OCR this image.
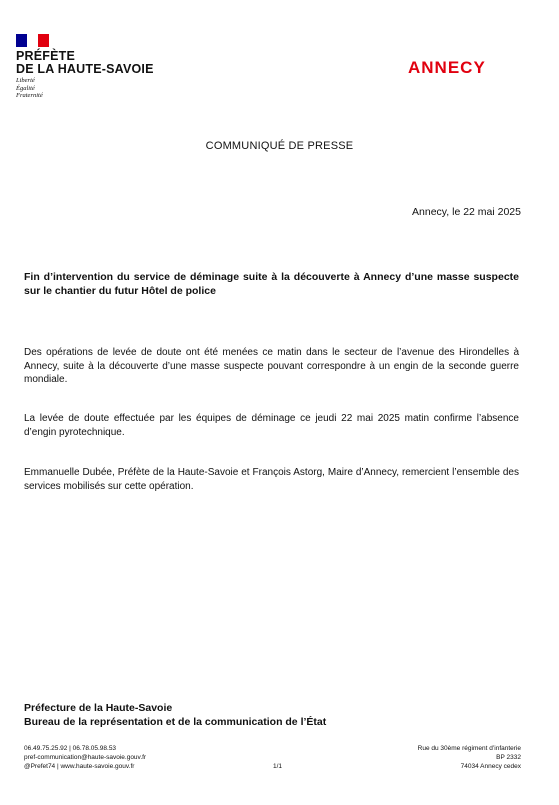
PRÉFÈTE
DE LA HAUTE-SAVOIE
Liberté
Égalité
Fraternité
ANNECY
COMMUNIQUÉ DE PRESSE
Annecy, le 22 mai 2025
Fin d’intervention du service de déminage suite à la découverte à Annecy d’une masse suspecte sur le chantier du futur Hôtel de police
Des opérations de levée de doute ont été menées ce matin dans le secteur de l’avenue des Hirondelles à Annecy, suite à la découverte d’une masse suspecte pouvant correspondre à un engin de la seconde guerre mondiale.
La levée de doute effectuée par les équipes de déminage ce jeudi 22 mai 2025 matin confirme l’absence d’engin pyrotechnique.
Emmanuelle Dubée, Préfète de la Haute-Savoie et François Astorg, Maire d’Annecy, remercient l’ensemble des services mobilisés sur cette opération.
Préfecture de la Haute-Savoie
Bureau de la représentation et de la communication de l’État
06.49.75.25.92 | 06.78.05.98.53
pref-communication@haute-savoie.gouv.fr
@Prefet74 | www.haute-savoie.gouv.fr	1/1
Rue du 30ème régiment d’infanterie
BP 2332
74034 Annecy cedex
